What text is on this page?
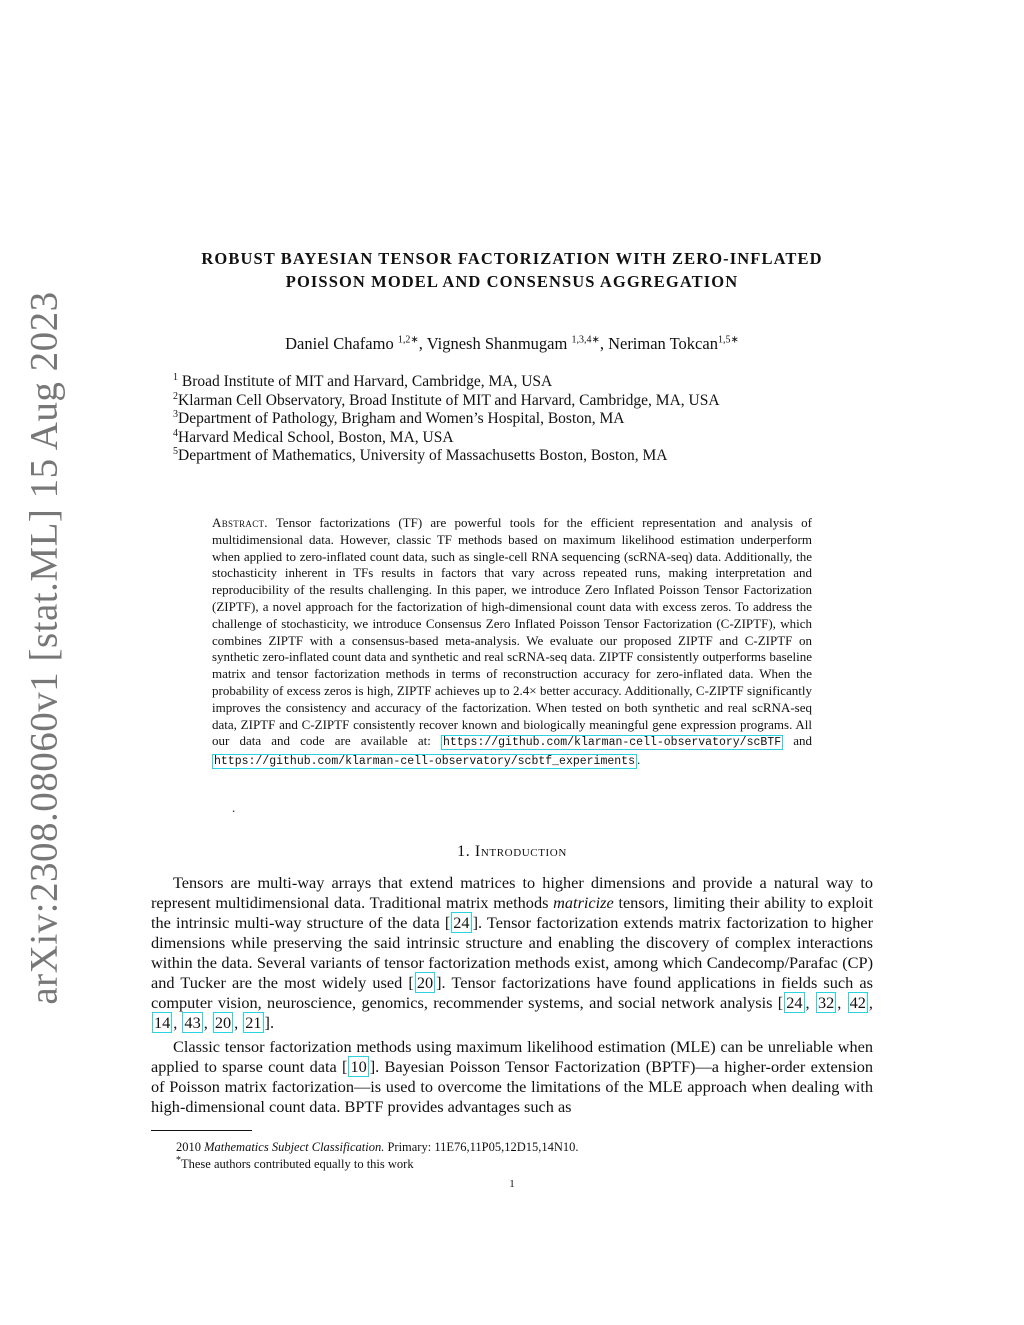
arXiv:2308.08060v1 [stat.ML] 15 Aug 2023
ROBUST BAYESIAN TENSOR FACTORIZATION WITH ZERO-INFLATED
POISSON MODEL AND CONSENSUS AGGREGATION
Daniel Chafamo $^{1,2∗}$, Vignesh Shanmugam $^{1,3,4∗}$, Neriman Tokcan$^{1,5∗}$
$^1$ Broad Institute of MIT and Harvard, Cambridge, MA, USA
$^2$Klarman Cell Observatory, Broad Institute of MIT and Harvard, Cambridge, MA, USA
$^3$Department of Pathology, Brigham and Women’s Hospital, Boston, MA
$^4$Harvard Medical School, Boston, MA, USA
$^5$Department of Mathematics, University of Massachusetts Boston, Boston, MA
Abstract. Tensor factorizations (TF) are powerful tools for the efficient representation and analysis of multidimensional data. However, classic TF methods based on maximum likelihood estimation underperform when applied to zero-inflated count data, such as single-cell RNA sequencing (scRNA-seq) data. Additionally, the stochasticity inherent in TFs results in factors that vary across repeated runs, making interpretation and reproducibility of the results challenging. In this paper, we introduce Zero Inflated Poisson Tensor Factorization (ZIPTF), a novel approach for the factorization of high-dimensional count data with excess zeros. To address the challenge of stochasticity, we introduce Consensus Zero Inflated Poisson Tensor Factorization (C-ZIPTF), which combines ZIPTF with a consensus-based meta-analysis. We evaluate our proposed ZIPTF and C-ZIPTF on synthetic zero-inflated count data and synthetic and real scRNA-seq data. ZIPTF consistently outperforms baseline matrix and tensor factorization methods in terms of reconstruction accuracy for zero-inflated data. When the probability of excess zeros is high, ZIPTF achieves up to 2.4× better accuracy. Additionally, C-ZIPTF significantly improves the consistency and accuracy of the factorization. When tested on both synthetic and real scRNA-seq data, ZIPTF and C-ZIPTF consistently recover known and biologically meaningful gene expression programs. All our data and code are available at: https://github.com/klarman-cell-observatory/scBTF and https://github.com/klarman-cell-observatory/scbtf_experiments .
.
1. Introduction

Tensors are multi-way arrays that extend matrices to higher dimensions and provide a natural way to represent multidimensional data. Traditional matrix methods matricize tensors, limiting their ability to exploit the intrinsic multi-way structure of the data [ 24 ]. Tensor factorization extends matrix factorization to higher dimensions while preserving the said intrinsic structure and enabling the discovery of complex interactions within the data. Several variants of tensor factorization methods exist, among which Candecomp/Parafac (CP) and Tucker are the most widely used [ 20 ]. Tensor factorizations have found applications in fields such as computer vision, neuroscience, genomics, recommender systems, and social network analysis [ 24 , 32 , 42 , 14 , 43 , 20 , 21 ].

Classic tensor factorization methods using maximum likelihood estimation (MLE) can be unreliable when applied to sparse count data [ 10 ]. Bayesian Poisson Tensor Factorization (BPTF)—a higher-order extension of Poisson matrix factorization—is used to overcome the limitations of the MLE approach when dealing with high-dimensional count data. BPTF provides advantages such as

2010 Mathematics Subject Classification. Primary: 11E76,11P05,12D15,14N10.
*These authors contributed equally to this work
1
